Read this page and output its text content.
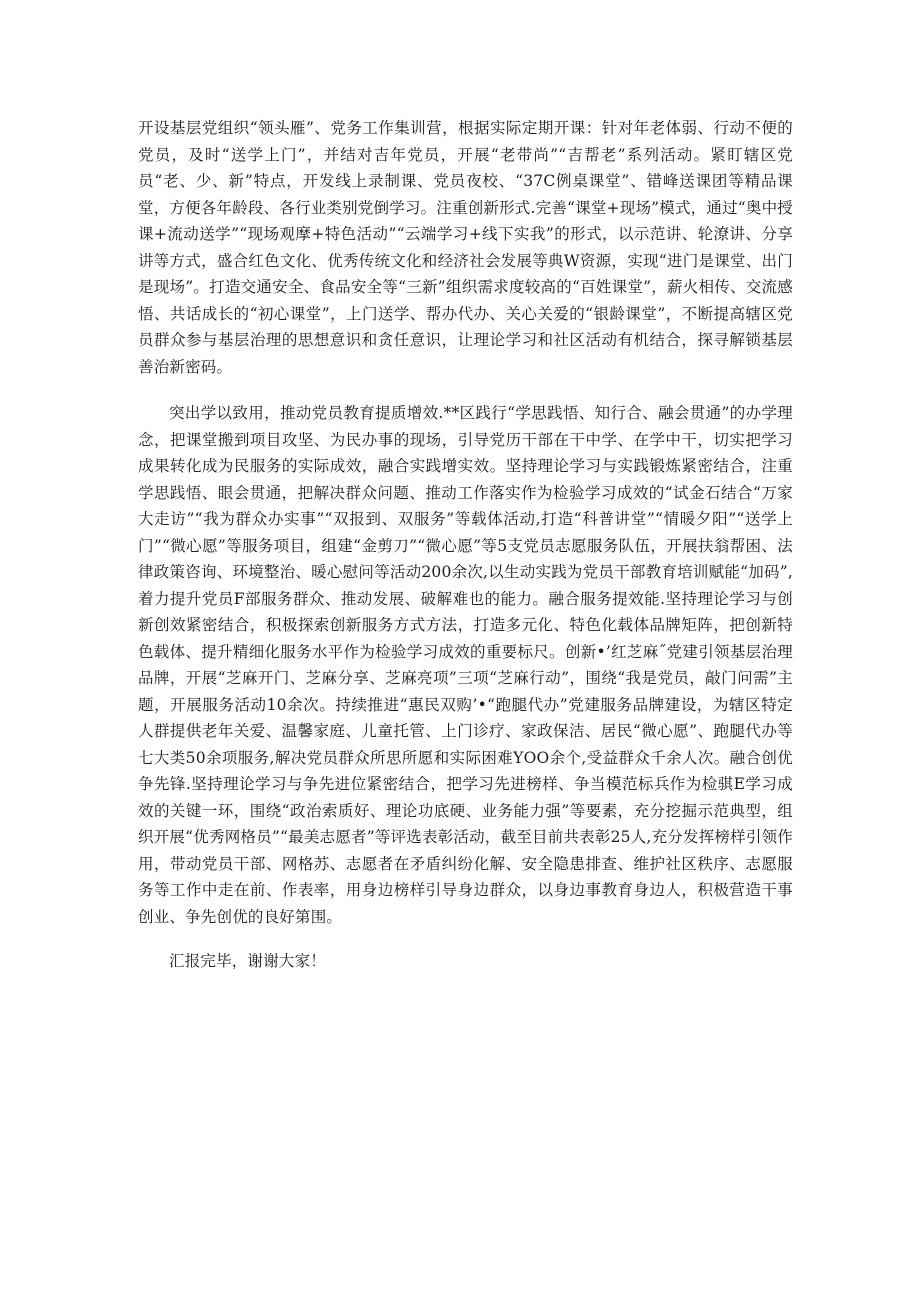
开设基层党组织“领头雁”、党务工作集训营，根据实际定期开课：针对年老体弱、行动不便的党员，及时“送学上门”，并结对吉年党员，开展“老带尚”“吉帮老”系列活动。紧盯辖区党员“老、少、新”特点，开发线上录制课、党员夜校、“37C例桌课堂”、错峰送课团等精品课堂，方便各年龄段、各行业类别党倒学习。注重创新形式.完善“课堂+现场”模式，通过“奥中授课+流动送学”“现场观摩+特色活动”“云端学习+线下实我”的形式，以示范讲、轮潦讲、分享讲等方式，盛合红色文化、优秀传统文化和经济社会发展等典W资源，实现“进门是课堂、出门是现场”。打造交通安全、食品安全等“三新”组织需求度较高的“百姓课堂”，薪火相传、交流感悟、共话成长的“初心课堂”，上门送学、帮办代办、关心关爱的“银龄课堂”，不断提高辖区党员群众参与基层治理的思想意识和贪任意识，让理论学习和社区活动有机结合，探寻解锁基层善治新密码。

突出学以致用，推动党员教育提质增效.**区践行“学思践悟、知行合、融会贯通”的办学理念，把课堂搬到项目攻坚、为民办事的现场，引导党历干部在干中学、在学中干，切实把学习成果转化成为民服务的实际成效，融合实践增实效。坚持理论学习与实践锻炼紧密结合，注重学思践悟、眼会贯通，把解决群众问题、推动工作落实作为检验学习成效的“试金石结合“万家大走访”“我为群众办实事”“双报到、双服务”等载体活动,打造“科普讲堂”“情暖夕阳”“送学上门”“微心愿”等服务项目，组建“金剪刀”“微心愿”等5支党员志愿服务队伍，开展扶翁帮困、法律政策咨询、环境整治、暖心慰问等活动200余次,以生动实践为党员干部教育培训赋能“加码”,着力提升党员F部服务群众、推动发展、破解难也的能力。融合服务提效能.坚持理论学习与创新创效紧密结合，积极探索创新服务方式方法，打造多元化、特色化载体品牌矩阵，把创新特色载体、提升精细化服务水平作为检验学习成效的重要标尺。创新•’红芝麻˝党建引领基层治理品牌，开展“芝麻开门、芝麻分享、芝麻亮项”三项“芝麻行动”，围绕“我是党员，敲门问需”主题，开展服务活动10余次。持续推进“惠民双购’•“跑腿代办”党建服务品牌建设，为辖区特定人群提供老年关爱、温馨家庭、儿童托管、上门诊疗、家政保洁、居民“微心愿”、跑腿代办等七大类50余项服务,解决党员群众所思所愿和实际困难YOO余个,受益群众千余人次。融合创优争先锋.坚持理论学习与争先进位紧密结合，把学习先进榜样、争当模范标兵作为检骐E学习成效的关键一环，围绕“政治索质好、理论功底硬、业务能力强”等要素，充分挖掘示范典型，组织开展“优秀网格员”“最美志愿者”等评选表彰活动，截至目前共表彰25人,充分发挥榜样引领作用，带动党员干部、网格苏、志愿者在矛盾纠纷化解、安全隐患排查、维护社区秩序、志愿服务等工作中走在前、作表率，用身边榜样引导身边群众，以身边事教育身边人，积极营造干事创业、争先创优的良好第围。

汇报完毕，谢谢大家！
